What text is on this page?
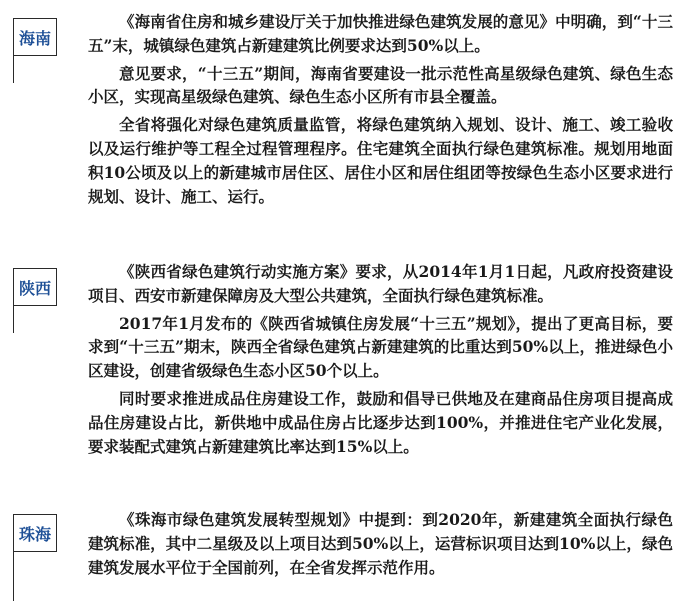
海南

《海南省住房和城乡建设厅关于加快推进绿色建筑发展的意见》中明确，到“十三五”末，城镇绿色建筑占新建建筑比例要求达到50%以上。

意见要求，“十三五”期间，海南省要建设一批示范性高星级绿色建筑、绿色生态小区，实现高星级绿色建筑、绿色生态小区所有市县全覆盖。

全省将强化对绿色建筑质量监管，将绿色建筑纳入规划、设计、施工、竣工验收以及运行维护等工程全过程管理程序。住宅建筑全面执行绿色建筑标准。规划用地面积10公顷及以上的新建城市居住区、居住小区和居住组团等按绿色生态小区要求进行规划、设计、施工、运行。

陕西

《陕西省绿色建筑行动实施方案》要求，从2014年1月1日起，凡政府投资建设项目、西安市新建保障房及大型公共建筑，全面执行绿色建筑标准。

2017年1月发布的《陕西省城镇住房发展“十三五”规划》，提出了更高目标，要求到“十三五”期末，陕西全省绿色建筑占新建建筑的比重达到50%以上，推进绿色小区建设，创建省级绿色生态小区50个以上。

同时要求推进成品住房建设工作，鼓励和倡导已供地及在建商品住房项目提高成品住房建设占比，新供地中成品住房占比逐步达到100%，并推进住宅产业化发展，要求装配式建筑占新建建筑比率达到15%以上。

珠海

《珠海市绿色建筑发展转型规划》中提到：到2020年，新建建筑全面执行绿色建筑标准，其中二星级及以上项目达到50%以上，运营标识项目达到10%以上，绿色建筑发展水平位于全国前列，在全省发挥示范作用。
